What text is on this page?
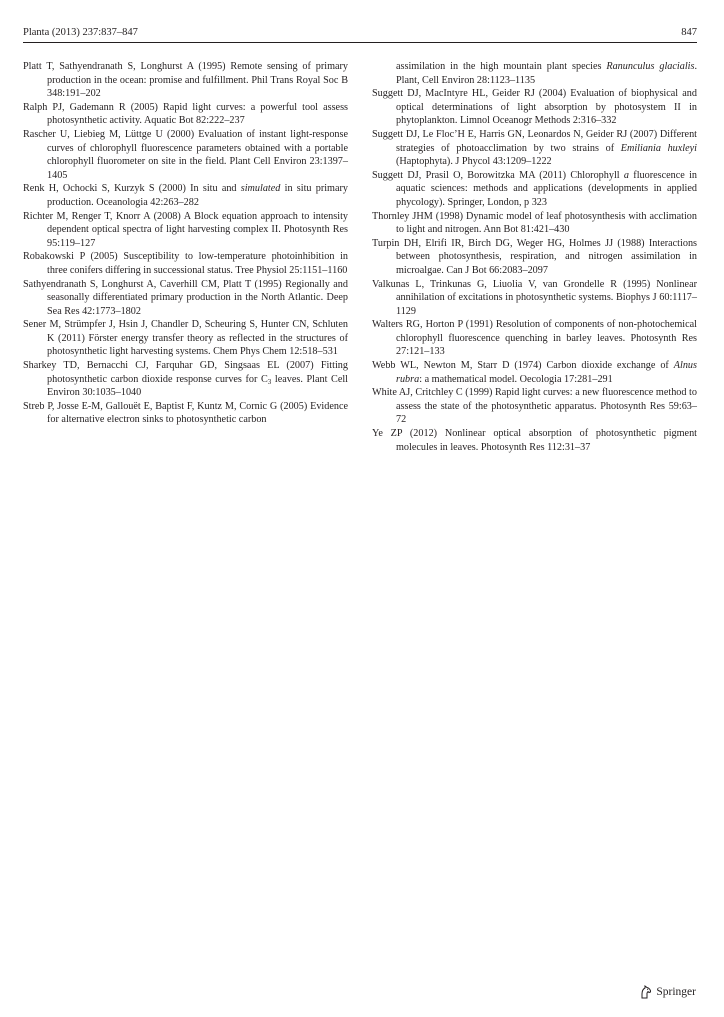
Planta (2013) 237:837–847	847

Platt T, Sathyendranath S, Longhurst A (1995) Remote sensing of primary production in the ocean: promise and fulfillment. Phil Trans Royal Soc B 348:191–202

Ralph PJ, Gademann R (2005) Rapid light curves: a powerful tool assess photosynthetic activity. Aquatic Bot 82:222–237

Rascher U, Liebieg M, Lüttge U (2000) Evaluation of instant light-response curves of chlorophyll fluorescence parameters obtained with a portable chlorophyll fluorometer on site in the field. Plant Cell Environ 23:1397–1405

Renk H, Ochocki S, Kurzyk S (2000) In situ and simulated in situ primary production. Oceanologia 42:263–282

Richter M, Renger T, Knorr A (2008) A Block equation approach to intensity dependent optical spectra of light harvesting complex II. Photosynth Res 95:119–127

Robakowski P (2005) Susceptibility to low-temperature photoinhibition in three conifers differing in successional status. Tree Physiol 25:1151–1160

Sathyendranath S, Longhurst A, Caverhill CM, Platt T (1995) Regionally and seasonally differentiated primary production in the North Atlantic. Deep Sea Res 42:1773–1802

Sener M, Strümpfer J, Hsin J, Chandler D, Scheuring S, Hunter CN, Schluten K (2011) Förster energy transfer theory as reflected in the structures of photosynthetic light harvesting systems. Chem Phys Chem 12:518–531

Sharkey TD, Bernacchi CJ, Farquhar GD, Singsaas EL (2007) Fitting photosynthetic carbon dioxide response curves for $C_3$ leaves. Plant Cell Environ 30:1035–1040

Streb P, Josse E-M, Gallouët E, Baptist F, Kuntz M, Cornic G (2005) Evidence for alternative electron sinks to photosynthetic carbon

assimilation in the high mountain plant species Ranunculus glacialis. Plant, Cell Environ 28:1123–1135

Suggett DJ, MacIntyre HL, Geider RJ (2004) Evaluation of biophysical and optical determinations of light absorption by photosystem II in phytoplankton. Limnol Oceanogr Methods 2:316–332

Suggett DJ, Le Floc’H E, Harris GN, Leonardos N, Geider RJ (2007) Different strategies of photoacclimation by two strains of Emiliania huxleyi (Haptophyta). J Phycol 43:1209–1222

Suggett DJ, Prasil O, Borowitzka MA (2011) Chlorophyll a fluorescence in aquatic sciences: methods and applications (developments in applied phycology). Springer, London, p 323

Thornley JHM (1998) Dynamic model of leaf photosynthesis with acclimation to light and nitrogen. Ann Bot 81:421–430

Turpin DH, Elrifi IR, Birch DG, Weger HG, Holmes JJ (1988) Interactions between photosynthesis, respiration, and nitrogen assimilation in microalgae. Can J Bot 66:2083–2097

Valkunas L, Trinkunas G, Liuolia V, van Grondelle R (1995) Nonlinear annihilation of excitations in photosynthetic systems. Biophys J 60:1117–1129

Walters RG, Horton P (1991) Resolution of components of non-photochemical chlorophyll fluorescence quenching in barley leaves. Photosynth Res 27:121–133

Webb WL, Newton M, Starr D (1974) Carbon dioxide exchange of Alnus rubra: a mathematical model. Oecologia 17:281–291

White AJ, Critchley C (1999) Rapid light curves: a new fluorescence method to assess the state of the photosynthetic apparatus. Photosynth Res 59:63–72

Ye ZP (2012) Nonlinear optical absorption of photosynthetic pigment molecules in leaves. Photosynth Res 112:31–37

Springer
